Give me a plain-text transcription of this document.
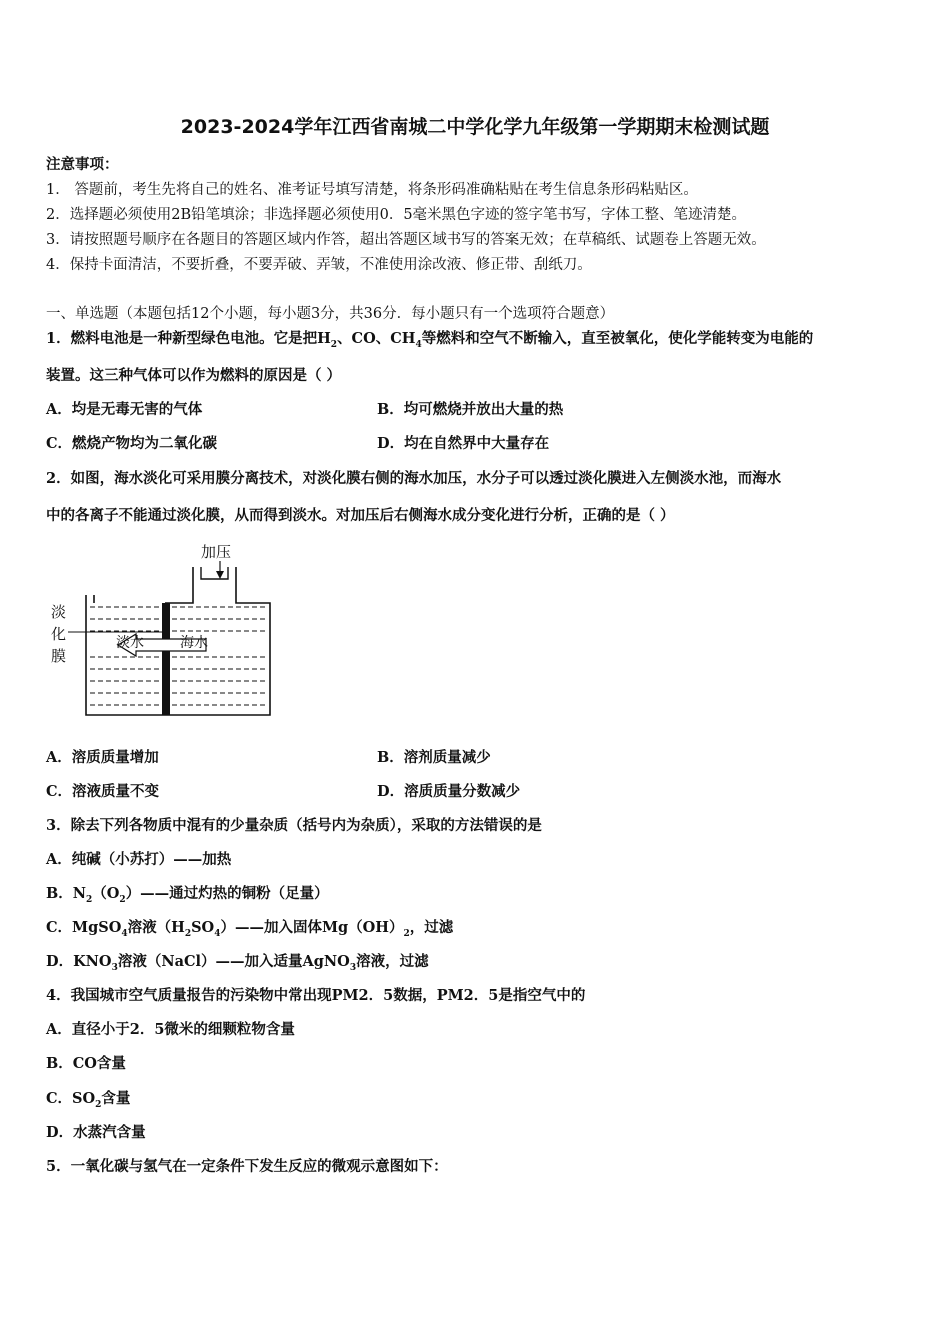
2023-2024学年江西省南城二中学化学九年级第一学期期末检测试题
注意事项：
1． 答题前，考生先将自己的姓名、准考证号填写清楚，将条形码准确粘贴在考生信息条形码粘贴区。
2．选择题必须使用2B铅笔填涂；非选择题必须使用0．5毫米黑色字迹的签字笔书写，字体工整、笔迹清楚。
3．请按照题号顺序在各题目的答题区域内作答，超出答题区域书写的答案无效；在草稿纸、试题卷上答题无效。
4．保持卡面清洁，不要折叠，不要弄破、弄皱，不准使用涂改液、修正带、刮纸刀。
一、单选题（本题包括12个小题，每小题3分，共36分．每小题只有一个选项符合题意）
1．燃料电池是一种新型绿色电池。它是把$H_2$、CO、$CH_4$等燃料和空气不断输入，直至被氧化，使化学能转变为电能的
装置。这三种气体可以作为燃料的原因是（ ）
A．均是无毒无害的气体	B．均可燃烧并放出大量的热
C．燃烧产物均为二氧化碳	D．均在自然界中大量存在
2．如图，海水淡化可采用膜分离技术，对淡化膜右侧的海水加压，水分子可以透过淡化膜进入左侧淡水池，而海水
中的各离子不能通过淡化膜，从而得到淡水。对加压后右侧海水成分变化进行分析，正确的是（ ）
加压
淡
化
膜
淡水	海水
A．溶质质量增加	B．溶剂质量减少
C．溶液质量不变	D．溶质质量分数减少
3．除去下列各物质中混有的少量杂质（括号内为杂质），采取的方法错误的是
A．纯碱（小苏打）——加热
B．$N_2(O_2)——$通过灼热的铜粉（足量）
C．MgSO$_4$溶液$(H_2SO_4)——$加入固体$Mg(OH)_2$，过滤
D．$KNO_3$溶液（NaCl）——加入适量AgNO$_3$溶液，过滤
4．我国城市空气质量报告的污染物中常出现PM2．5数据，PM2．5是指空气中的
A．直径小于2．5微米的细颗粒物含量
B．CO含量
C．$SO_2$含量
D．水蒸汽含量
5．一氧化碳与氢气在一定条件下发生反应的微观示意图如下：
